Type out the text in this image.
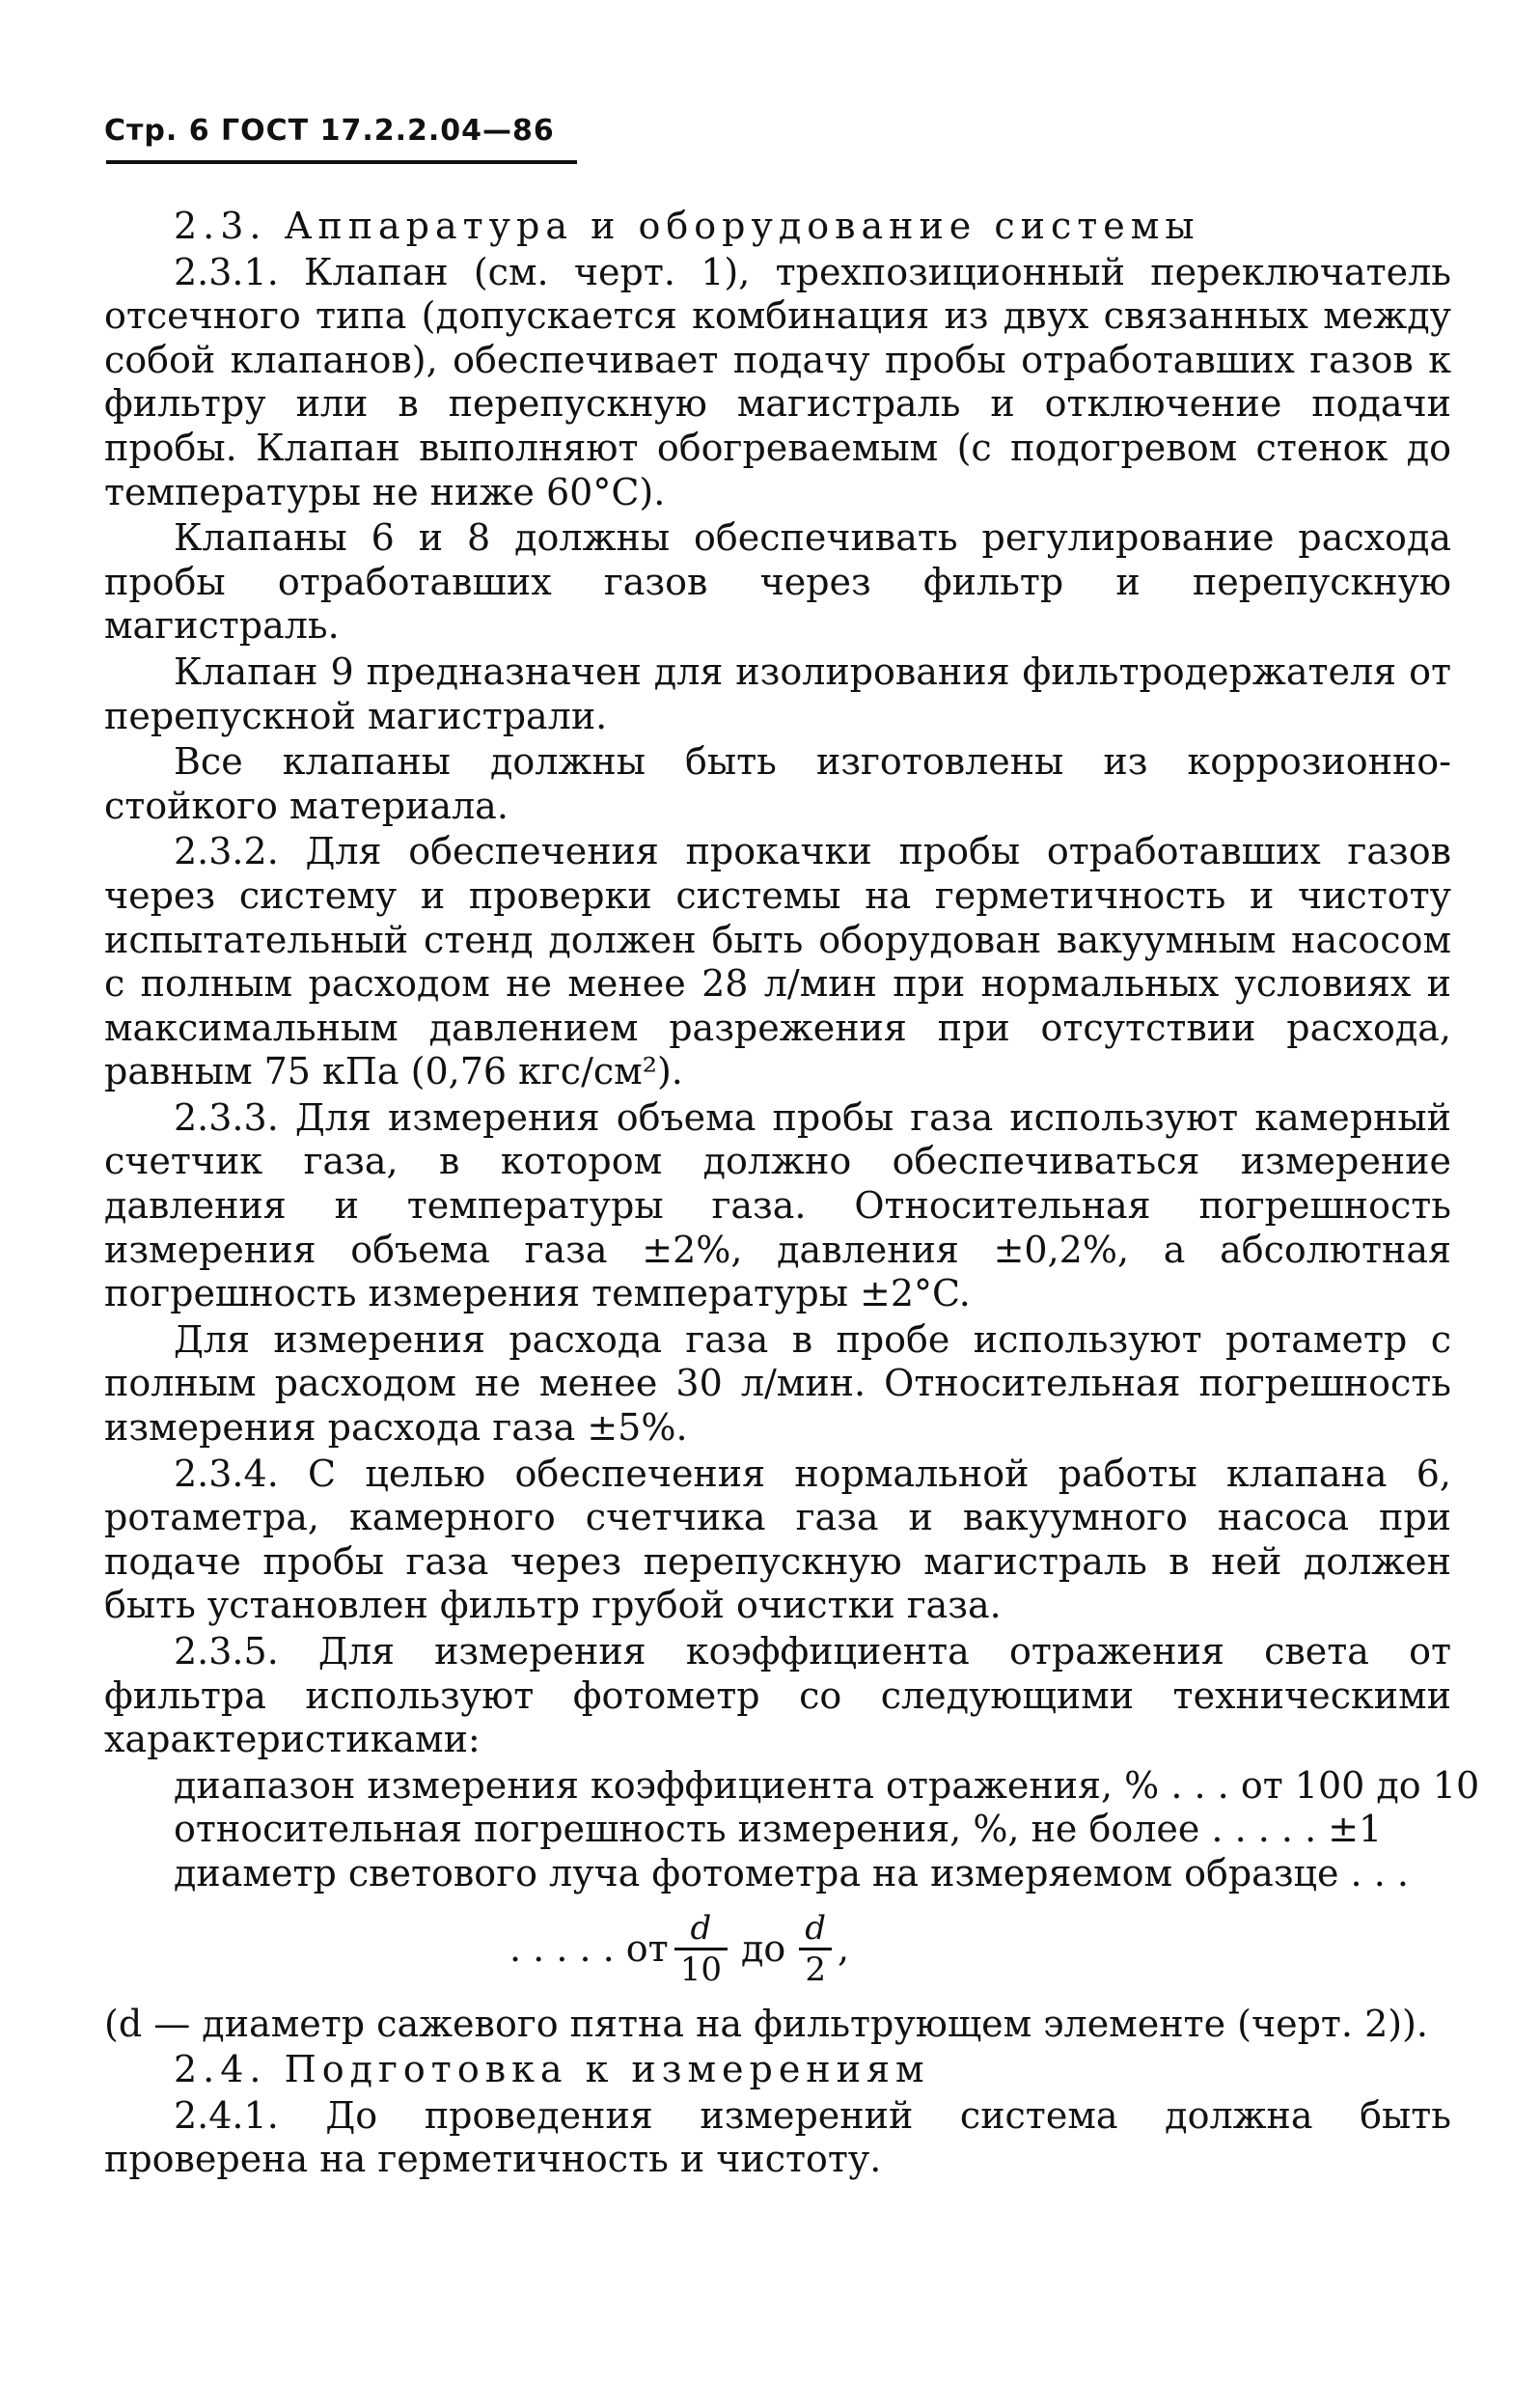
Стр. 6 ГОСТ 17.2.2.04—86

2.3. Аппаратура и оборудование системы

2.3.1. Клапан (см. черт. 1), трехпозиционный переключатель отсечного типа (допускается комбинация из двух связанных между собой клапанов), обеспечивает подачу пробы отработавших газов к фильтру или в перепускную магистраль и отключение подачи пробы. Клапан выполняют обогреваемым (с подогревом стенок до температуры не ниже 60°C).

Клапаны 6 и 8 должны обеспечивать регулирование расхода пробы отработавших газов через фильтр и перепускную магистраль.

Клапан 9 предназначен для изолирования фильтродержателя от перепускной магистрали.

Все клапаны должны быть изготовлены из коррозионно-стойкого материала.

2.3.2. Для обеспечения прокачки пробы отработавших газов через систему и проверки системы на герметичность и чистоту испытательный стенд должен быть оборудован вакуумным насосом с полным расходом не менее 28 л/мин при нормальных условиях и максимальным давлением разрежения при отсутствии расхода, равным 75 кПа (0,76 кгс/см²).

2.3.3. Для измерения объема пробы газа используют камерный счетчик газа, в котором должно обеспечиваться измерение давления и температуры газа. Относительная погрешность измерения объема газа ±2%, давления ±0,2%, а абсолютная погрешность измерения температуры ±2°C.

Для измерения расхода газа в пробе используют ротаметр с полным расходом не менее 30 л/мин. Относительная погрешность измерения расхода газа ±5%.

2.3.4. С целью обеспечения нормальной работы клапана 6, ротаметра, камерного счетчика газа и вакуумного насоса при подаче пробы газа через перепускную магистраль в ней должен быть установлен фильтр грубой очистки газа.

2.3.5. Для измерения коэффициента отражения света от фильтра используют фотометр со следующими техническими характеристиками:

диапазон измерения коэффициента отражения, % . . . от 100 до 10

относительная погрешность измерения, %, не более . . . . . ±1

диаметр светового луча фотометра на измеряемом образце . . .

. . . . . от $\frac{d}{10}$ до $\frac{d}{2}$ ,

(d — диаметр сажевого пятна на фильтрующем элементе (черт. 2)).

2.4. Подготовка к измерениям

2.4.1. До проведения измерений система должна быть проверена на герметичность и чистоту.
